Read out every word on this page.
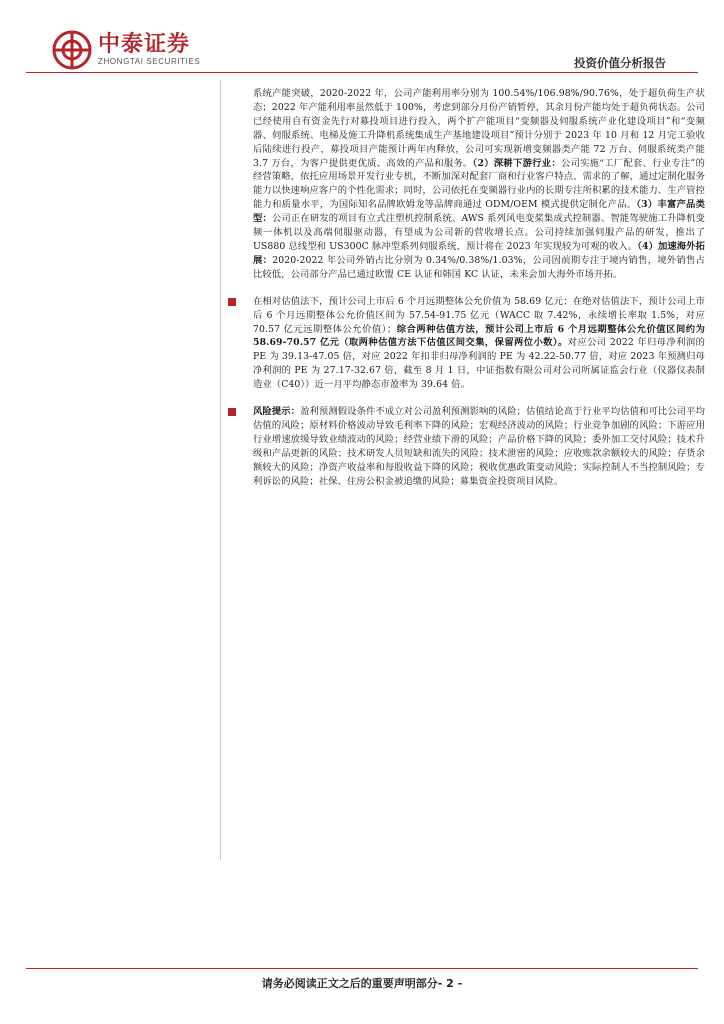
中泰证券
ZHONGTAI SECURITIES	投资价值分析报告

系统产能突破，2020-2022 年，公司产能利用率分别为 100.54%/106.98%/90.76%，处于超负荷生产状态；2022 年产能利用率虽然低于 100%，考虑到部分月份产销暂停，其余月份产能均处于超负荷状态。公司已经使用自有资金先行对募投项目进行投入，两个扩产能项目“变频器及伺服系统产业化建设项目”和“变频器、伺服系统、电梯及施工升降机系统集成生产基地建设项目”预计分别于 2023 年 10 月和 12 月完工验收后陆续进行投产，募投项目产能预计两年内释放，公司可实现新增变频器类产能 72 万台、伺服系统类产能 3.7 万台，为客户提供更优质、高效的产品和服务。（2）深耕下游行业：公司实施“工厂配套、行业专注”的经营策略，依托应用场景开发行业专机，不断加深对配套厂商和行业客户特点、需求的了解，通过定制化服务能力以快速响应客户的个性化需求；同时，公司依托在变频器行业内的长期专注所积累的技术能力、生产管控能力和质量水平，为国际知名品牌欧姆龙等品牌商通过 ODM/OEM 模式提供定制化产品。（3）丰富产品类型：公司正在研发的项目有立式注塑机控制系统、AWS 系列风电变桨集成式控制器、智能驾驶施工升降机变频一体机以及高端伺服驱动器，有望成为公司新的营收增长点。公司持续加强伺服产品的研发，推出了 US880 总线型和 US300C 脉冲型系列伺服系统，预计将在 2023 年实现较为可观的收入。（4）加速海外拓展：2020-2022 年公司外销占比分别为 0.34%/0.38%/1.03%，公司因前期专注于境内销售，境外销售占比较低，公司部分产品已通过欧盟 CE 认证和韩国 KC 认证，未来会加大海外市场开拓。

在相对估值法下，预计公司上市后 6 个月远期整体公允价值为 58.69 亿元；在绝对估值法下，预计公司上市后 6 个月远期整体公允价值区间为 57.54-91.75 亿元（WACC 取 7.42%，永续增长率取 1.5%，对应 70.57 亿元远期整体公允价值）；综合两种估值方法，预计公司上市后 6 个月远期整体公允价值区间约为 58.69-70.57 亿元（取两种估值方法下估值区间交集，保留两位小数）。对应公司 2022 年归母净利润的 PE 为 39.13-47.05 倍，对应 2022 年扣非归母净利润的 PE 为 42.22-50.77 倍，对应 2023 年预测归母净利润的 PE 为 27.17-32.67 倍，截至 8 月 1 日，中证指数有限公司对公司所属证监会行业（仪器仪表制造业（C40））近一月平均静态市盈率为 39.64 倍。

风险提示：盈利预测假设条件不成立对公司盈利预测影响的风险；估值结论高于行业平均估值和可比公司平均估值的风险；原材料价格波动导致毛利率下降的风险；宏观经济波动的风险；行业竞争加剧的风险；下游应用行业增速放缓导致业绩波动的风险；经营业绩下滑的风险；产品价格下降的风险；委外加工交付风险；技术升级和产品更新的风险；技术研发人员短缺和流失的风险；技术泄密的风险；应收账款余额较大的风险；存货余额较大的风险；净资产收益率和每股收益下降的风险；税收优惠政策变动风险；实际控制人不当控制风险；专利诉讼的风险；社保、住房公积金被追缴的风险；募集资金投资项目风险。

请务必阅读正文之后的重要声明部分- 2 -
